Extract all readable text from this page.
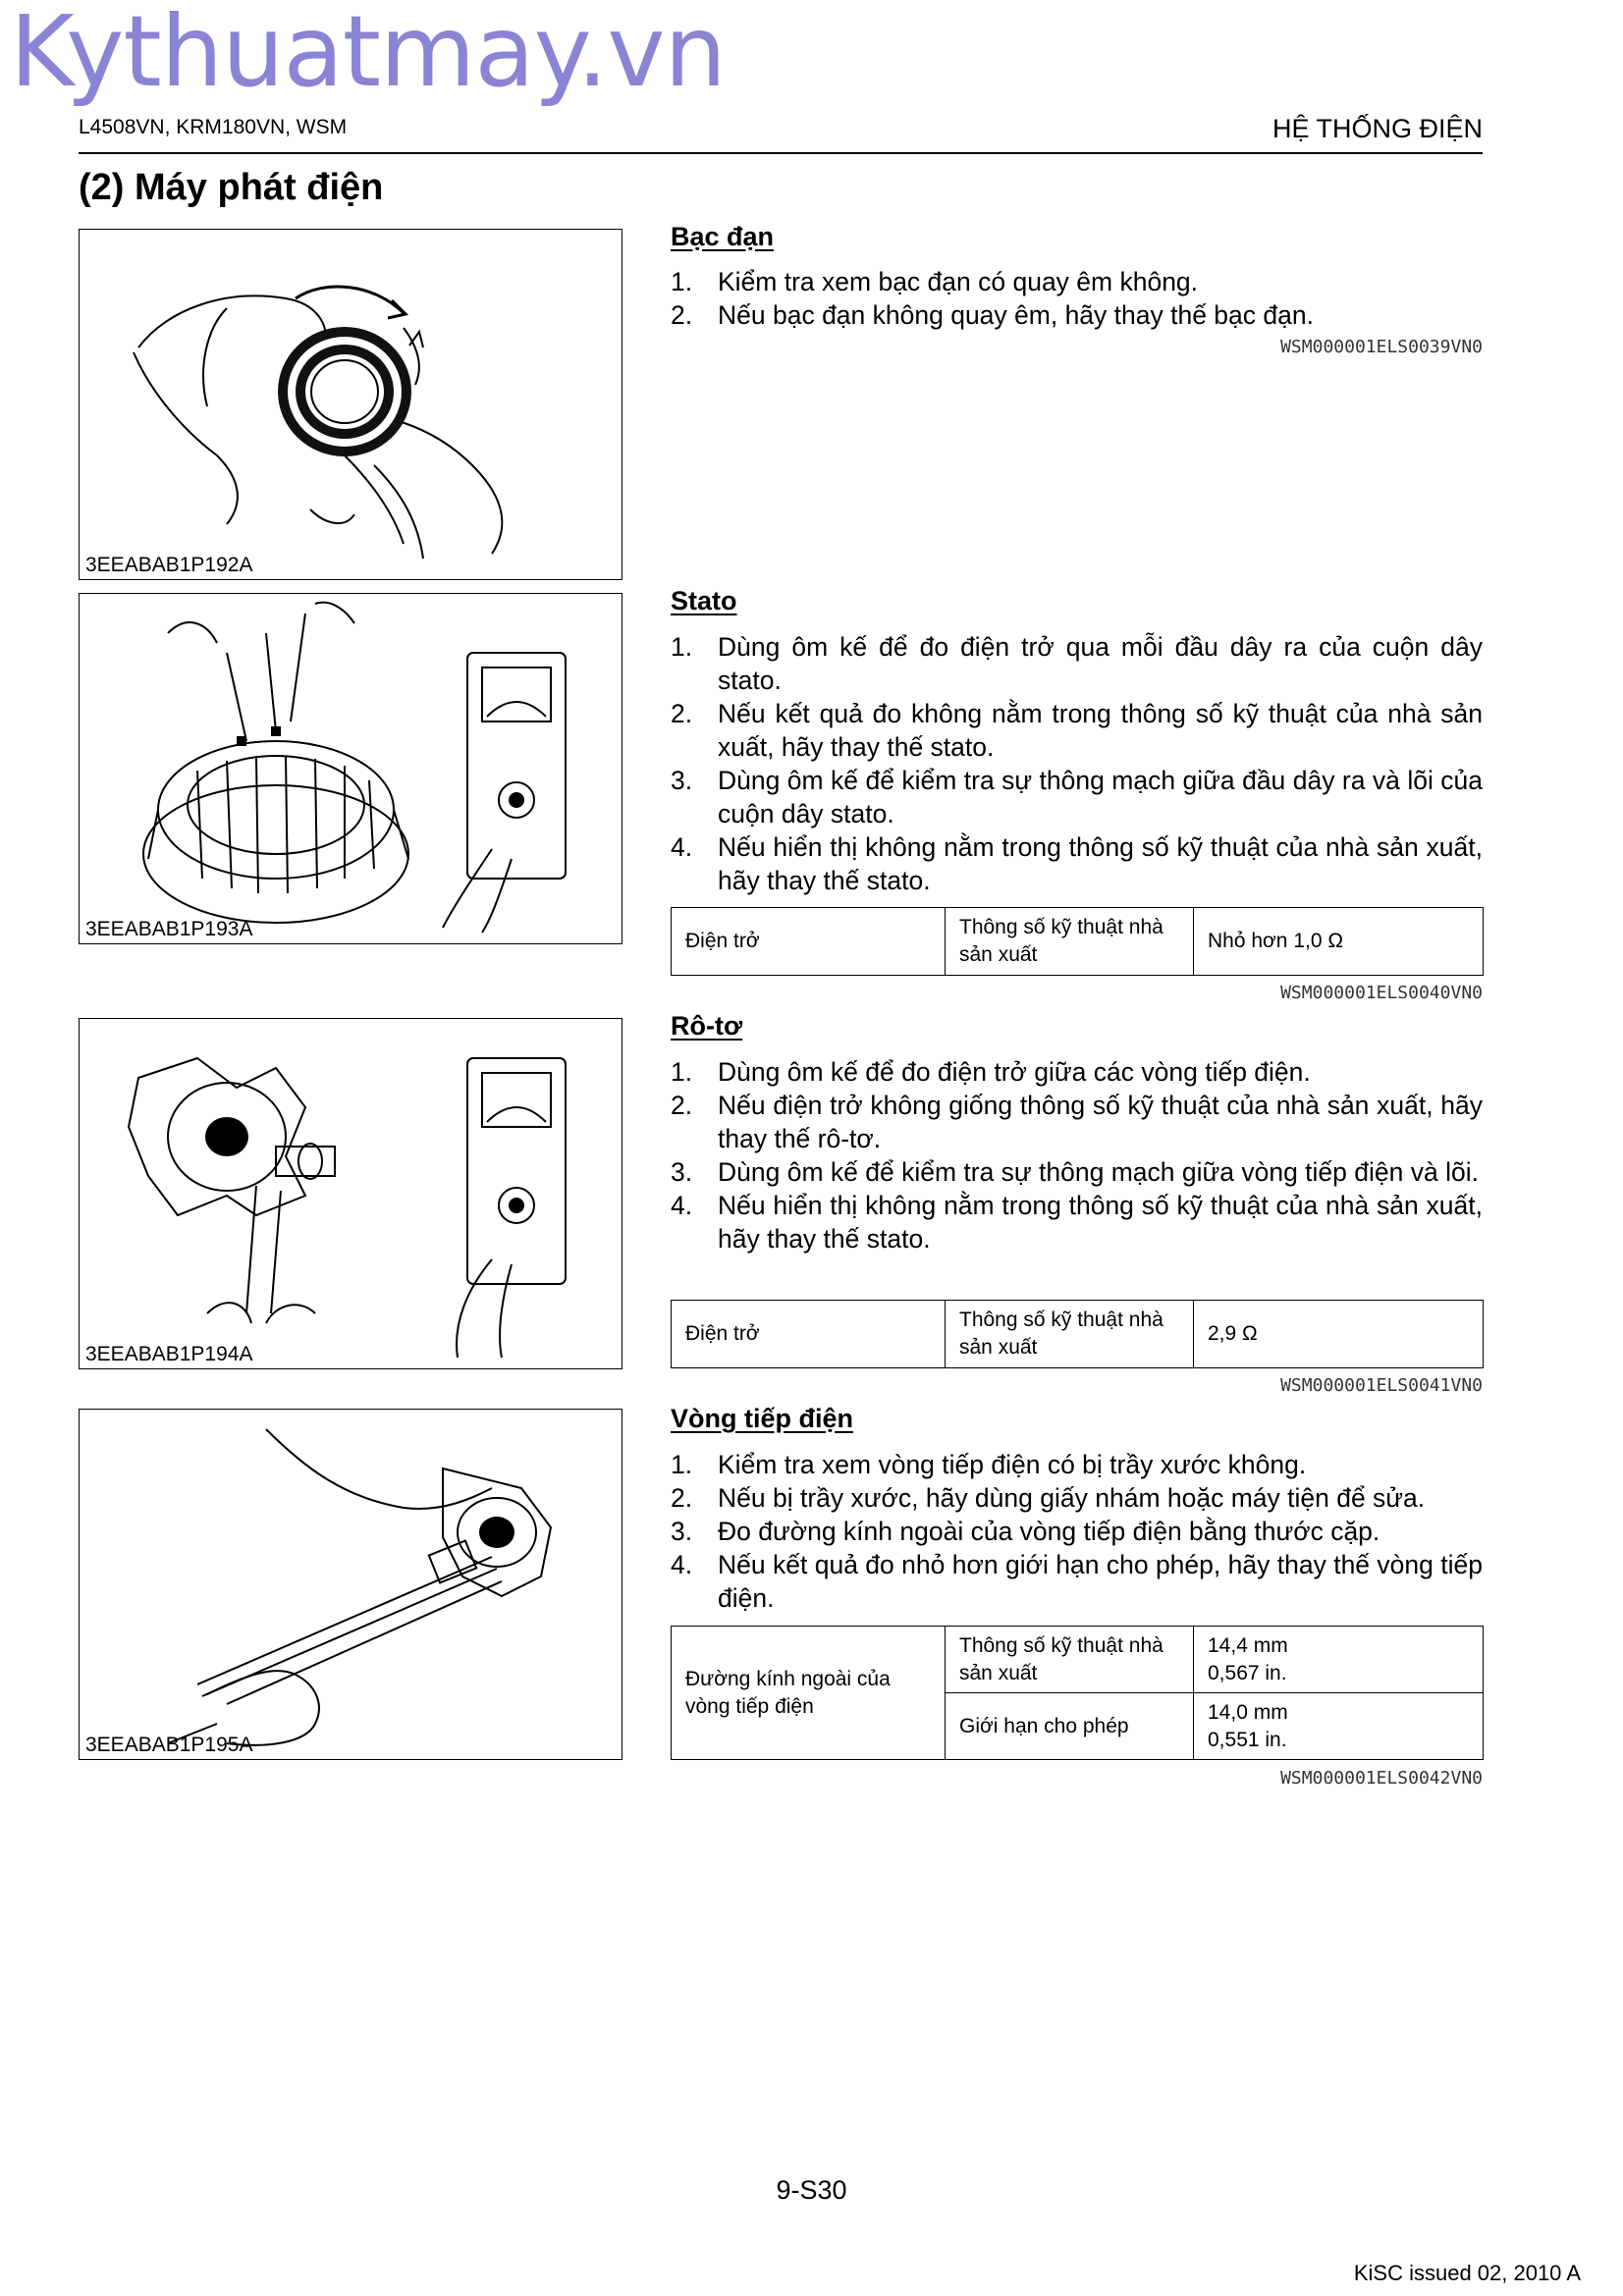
Kythuatmay.vn
L4508VN, KRM180VN, WSM	HỆ THỐNG ĐIỆN
(2) Máy phát điện
3EEABAB1P192A
3EEABAB1P193A
3EEABAB1P194A
3EEABAB1P195A
Bạc đạn
1. Kiểm tra xem bạc đạn có quay êm không.
2. Nếu bạc đạn không quay êm, hãy thay thế bạc đạn.
WSM000001ELS0039VN0
Stato
1. Dùng ôm kế để đo điện trở qua mỗi đầu dây ra của cuộn dây stato.
2. Nếu kết quả đo không nằm trong thông số kỹ thuật của nhà sản xuất, hãy thay thế stato.
3. Dùng ôm kế để kiểm tra sự thông mạch giữa đầu dây ra và lõi của cuộn dây stato.
4. Nếu hiển thị không nằm trong thông số kỹ thuật của nhà sản xuất, hãy thay thế stato.
Điện trở	Thông số kỹ thuật nhà sản xuất	Nhỏ hơn 1,0 Ω
WSM000001ELS0040VN0
Rô-tơ
1. Dùng ôm kế để đo điện trở giữa các vòng tiếp điện.
2. Nếu điện trở không giống thông số kỹ thuật của nhà sản xuất, hãy thay thế rô-tơ.
3. Dùng ôm kế để kiểm tra sự thông mạch giữa vòng tiếp điện và lõi.
4. Nếu hiển thị không nằm trong thông số kỹ thuật của nhà sản xuất, hãy thay thế stato.
Điện trở	Thông số kỹ thuật nhà sản xuất	2,9 Ω
WSM000001ELS0041VN0
Vòng tiếp điện
1. Kiểm tra xem vòng tiếp điện có bị trầy xước không.
2. Nếu bị trầy xước, hãy dùng giấy nhám hoặc máy tiện để sửa.
3. Đo đường kính ngoài của vòng tiếp điện bằng thước cặp.
4. Nếu kết quả đo nhỏ hơn giới hạn cho phép, hãy thay thế vòng tiếp điện.
Đường kính ngoài của vòng tiếp điện	Thông số kỹ thuật nhà sản xuất	14,4 mm
0,567 in.

	Giới hạn cho phép	14,0 mm
0,551 in.
WSM000001ELS0042VN0
9-S30
KiSC issued 02, 2010 A
